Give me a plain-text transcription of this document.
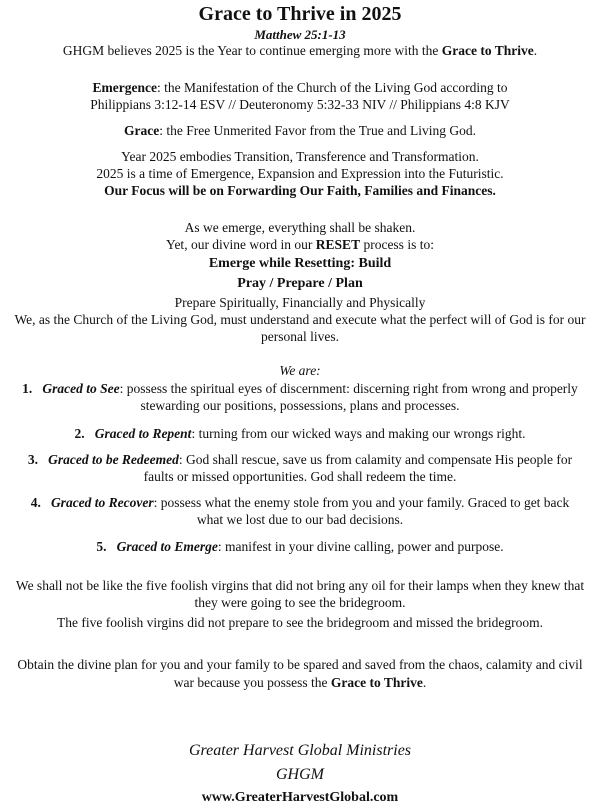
Grace to Thrive in 2025
Matthew 25:1-13
GHGM believes 2025 is the Year to continue emerging more with the Grace to Thrive.
Emergence: the Manifestation of the Church of the Living God according to
Philippians 3:12-14 ESV // Deuteronomy 5:32-33 NIV // Philippians 4:8 KJV
Grace: the Free Unmerited Favor from the True and Living God.
Year 2025 embodies Transition, Transference and Transformation.
2025 is a time of Emergence, Expansion and Expression into the Futuristic.
Our Focus will be on Forwarding Our Faith, Families and Finances.
As we emerge, everything shall be shaken.
Yet, our divine word in our RESET process is to:
Emerge while Resetting: Build
Pray / Prepare / Plan
Prepare Spiritually, Financially and Physically
We, as the Church of the Living God, must understand and execute what the perfect will of God is for our
personal lives.
We are:
1. Graced to See: possess the spiritual eyes of discernment: discerning right from wrong and properly
stewarding our positions, possessions, plans and processes.
2. Graced to Repent: turning from our wicked ways and making our wrongs right.
3. Graced to be Redeemed: God shall rescue, save us from calamity and compensate His people for
faults or missed opportunities. God shall redeem the time.
4. Graced to Recover: possess what the enemy stole from you and your family. Graced to get back
what we lost due to our bad decisions.
5. Graced to Emerge: manifest in your divine calling, power and purpose.
We shall not be like the five foolish virgins that did not bring any oil for their lamps when they knew that
they were going to see the bridegroom.
The five foolish virgins did not prepare to see the bridegroom and missed the bridegroom.
Obtain the divine plan for you and your family to be spared and saved from the chaos, calamity and civil
war because you possess the Grace to Thrive.
Greater Harvest Global Ministries
GHGM
www.GreaterHarvestGlobal.com
